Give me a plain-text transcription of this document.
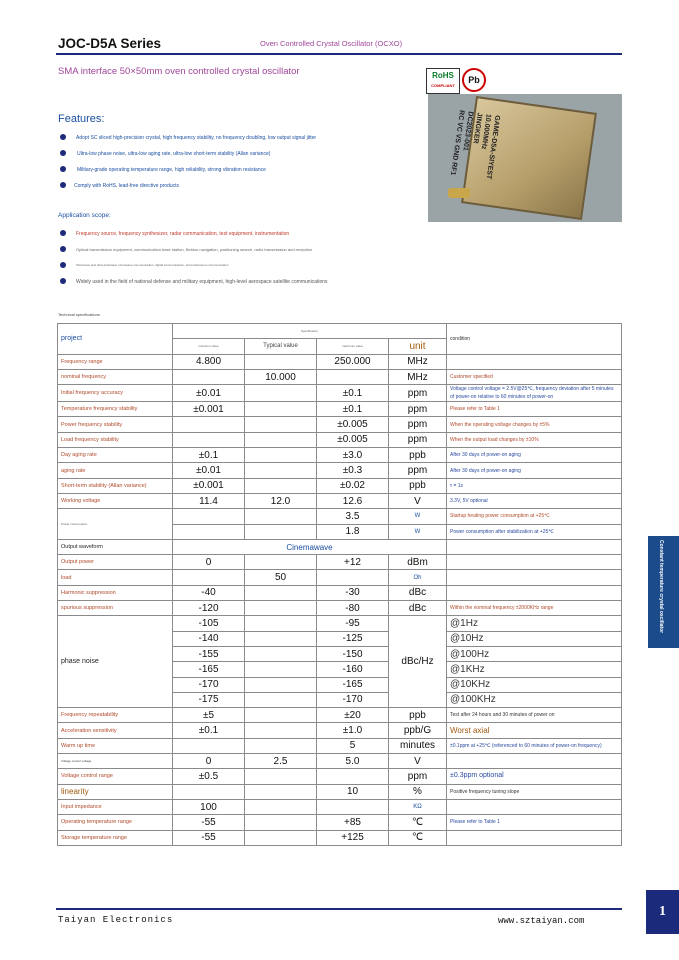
JOC-D5A Series	Oven Controlled Crystal Oscillator (OCXO)
SMA interface 50×50mm oven controlled crystal oscillator	RoHS
COMPLIANT
Pb
GAME-D5A-SIYEST
10.000MHz
JINGKER
DC2023-001
RC VC VS GND RF1
Features:
Adopt SC sliced high-precision crystal, high frequency stability, no frequency doubling, low output signal jitter
Ultra-low phase noise, ultra-low aging rate, ultra-low short-term stability (Allan variance)
Military-grade operating temperature range, high reliability, strong vibration resistance
Comply with RoHS, lead-free directive products
Application scope:
Frequency source, frequency synthesizer, radar communication, test equipment, instrumentation
Optical transmission equipment, communication base station, Beidou navigation, positioning search, radio transmission and reception
Shortwave and ultra-shortwave microwave communication, digital communication, anti-interference communication
Widely used in the field of national defense and military equipment, high-level aerospace satellite communications
Technical specifications
project	Specification				condition
	minimum value	Typical value	maximum value	unit	
Frequency range	4.800		250.000	MHz	
nominal frequency		10.000		MHz	Customer specified
Initial frequency accuracy	±0.01		±0.1	ppm	Voltage control voltage = 2.5V@25℃, frequency deviation after 5 minutes of power-on relative to 60 minutes of power-on
Temperature frequency stability	±0.001		±0.1	ppm	Please refer to Table 1
Power frequency stability			±0.005	ppm	When the operating voltage changes by ±5%
Load frequency stability			±0.005	ppm	When the output load changes by ±10%
Day aging rate	±0.1		±3.0	ppb	After 30 days of power-on aging
aging rate	±0.01		±0.3	ppm	After 30 days of power-on aging
Short-term stability (Allan variance)	±0.001		±0.02	ppb	τ = 1s
Working voltage	11.4	12.0	12.6	V	3.3V, 5V optional
Power consumption			3.5	W	Startup heating power consumption at +25℃
			1.8	W	Power consumption after stabilization at +25℃
Output waveform	Cinemawave				
Output power	0		+12	dBm	
load		50		Oh	
Harmonic suppression	-40		-30	dBc	
spurious suppression	-120		-80	dBc	Within the nominal frequency ±2000KHz range
phase noise	-105		-95	dBc/Hz	@1Hz
	-140		-125		@10Hz
	-155		-150		@100Hz
	-165		-160		@1KHz
	-170		-165		@10KHz
	-175		-170		@100KHz
Frequency repeatability	±5		±20	ppb	Test after 24 hours and 30 minutes of power on
Acceleration sensitivity	±0.1		±1.0	ppb/G	Worst axial
Warm up time			5	minutes	±0.1ppm at +25℃ (referenced to 60 minutes of power-on frequency)
Voltage control voltage	0	2.5	5.0	V	
Voltage control range	±0.5			ppm	±0.3ppm optional
linearity			10	%	Positive frequency tuning slope
Input impedance	100			KΩ	
Operating temperature range	-55		+85	℃	Please refer to Table 1
Storage temperature range	-55		+125	℃	
Constant temperature crystal oscillator
Taiyan Electronics	www.sztaiyan.com
1
